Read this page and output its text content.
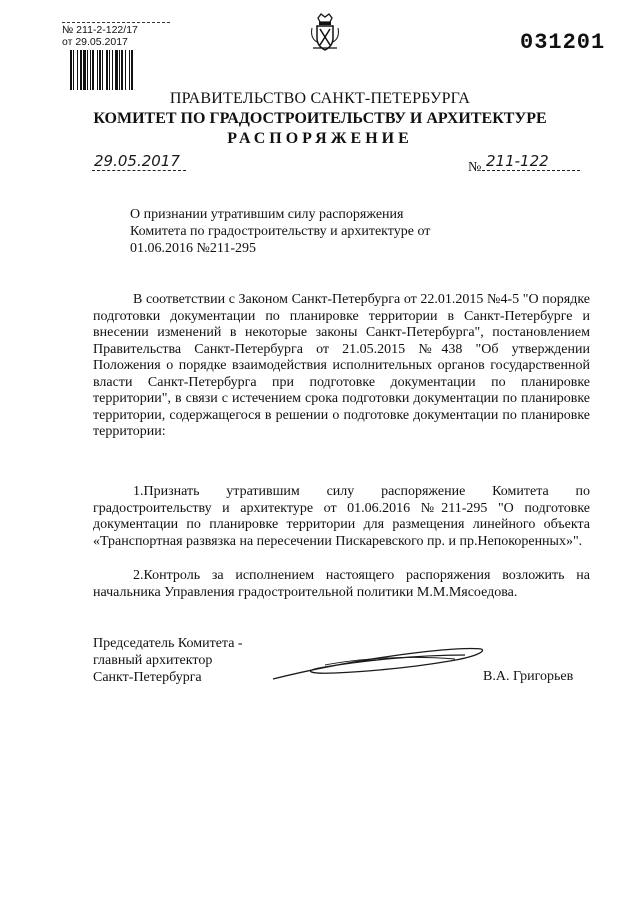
№ 211-2-122/17
от 29.05.2017	031201
ПРАВИТЕЛЬСТВО САНКТ-ПЕТЕРБУРГА
КОМИТЕТ ПО ГРАДОСТРОИТЕЛЬСТВУ И АРХИТЕКТУРЕ
РАСПОРЯЖЕНИЕ
29.05.2017	№ 211-122
О признании утратившим силу распоряжения Комитета по градостроительству и архитектуре от 01.06.2016 №211-295

В соответствии с Законом Санкт-Петербурга от 22.01.2015 №4-5 "О порядке подготовки документации по планировке территории в Санкт-Петербурге и внесении изменений в некоторые законы Санкт-Петербурга", постановлением Правительства Санкт-Петербурга от 21.05.2015 №438 "Об утверждении Положения о порядке взаимодействия исполнительных органов государственной власти Санкт-Петербурга при подготовке документации по планировке территории", в связи с истечением срока подготовки документации по планировке территории, содержащегося в решении о подготовке документации по планировке территории:

1.Признать утратившим силу распоряжение Комитета по градостроительству и архитектуре от 01.06.2016 №211-295 "О подготовке документации по планировке территории для размещения линейного объекта «Транспортная развязка на пересечении Пискаревского пр. и пр.Непокоренных»".

2.Контроль за исполнением настоящего распоряжения возложить на начальника Управления градостроительной политики М.М.Мясоедова.

Председатель Комитета -
главный архитектор
Санкт-Петербурга	В.А. Григорьев
